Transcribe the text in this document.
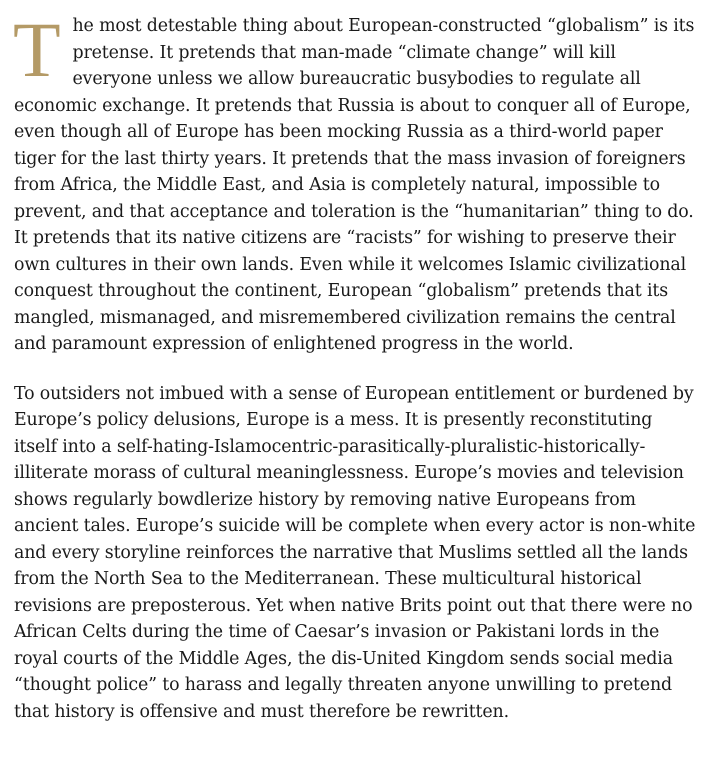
The most detestable thing about European-constructed “globalism” is its pretense. It pretends that man-made “climate change” will kill everyone unless we allow bureaucratic busybodies to regulate all economic exchange. It pretends that Russia is about to conquer all of Europe, even though all of Europe has been mocking Russia as a third-world paper tiger for the last thirty years. It pretends that the mass invasion of foreigners from Africa, the Middle East, and Asia is completely natural, impossible to prevent, and that acceptance and toleration is the “humanitarian” thing to do. It pretends that its native citizens are “racists” for wishing to preserve their own cultures in their own lands. Even while it welcomes Islamic civilizational conquest throughout the continent, European “globalism” pretends that its mangled, mismanaged, and misremembered civilization remains the central and paramount expression of enlightened progress in the world.

To outsiders not imbued with a sense of European entitlement or burdened by Europe’s policy delusions, Europe is a mess. It is presently reconstituting itself into a self-hating-Islamocentric-parasitically-pluralistic-historically-illiterate morass of cultural meaninglessness. Europe’s movies and television shows regularly bowdlerize history by removing native Europeans from ancient tales. Europe’s suicide will be complete when every actor is non-white and every storyline reinforces the narrative that Muslims settled all the lands from the North Sea to the Mediterranean. These multicultural historical revisions are preposterous. Yet when native Brits point out that there were no African Celts during the time of Caesar’s invasion or Pakistani lords in the royal courts of the Middle Ages, the dis-United Kingdom sends social media “thought police” to harass and legally threaten anyone unwilling to pretend that history is offensive and must therefore be rewritten.
